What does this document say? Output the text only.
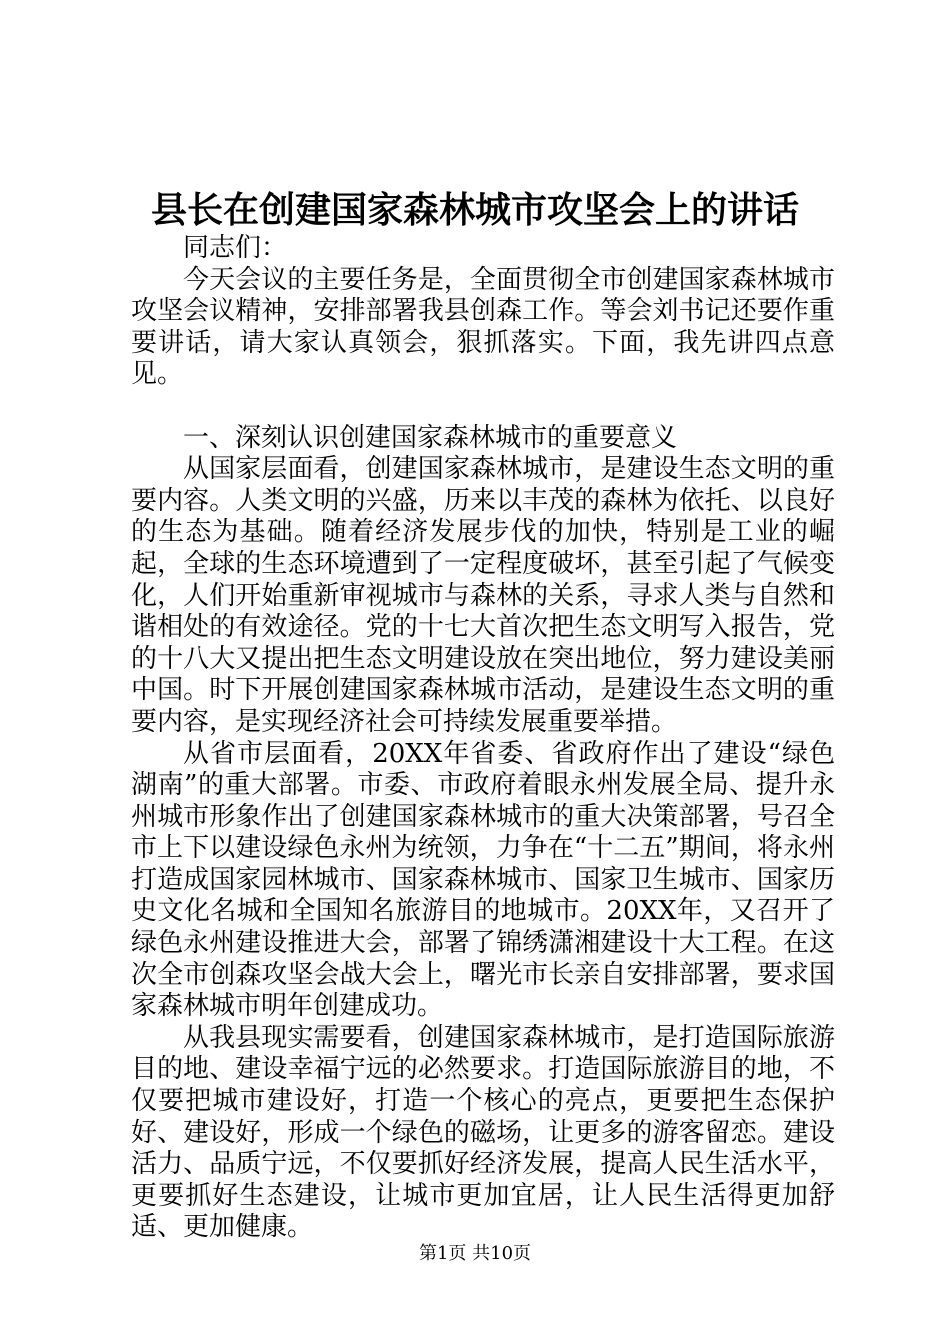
县长在创建国家森林城市攻坚会上的讲话

同志们：

今天会议的主要任务是，全面贯彻全市创建国家森林城市攻坚会议精神，安排部署我县创森工作。等会刘书记还要作重要讲话，请大家认真领会，狠抓落实。下面，我先讲四点意见。

一、深刻认识创建国家森林城市的重要意义

从国家层面看，创建国家森林城市，是建设生态文明的重要内容。人类文明的兴盛，历来以丰茂的森林为依托、以良好的生态为基础。随着经济发展步伐的加快，特别是工业的崛起，全球的生态环境遭到了一定程度破坏，甚至引起了气候变化，人们开始重新审视城市与森林的关系，寻求人类与自然和谐相处的有效途径。党的十七大首次把生态文明写入报告，党的十八大又提出把生态文明建设放在突出地位，努力建设美丽中国。时下开展创建国家森林城市活动，是建设生态文明的重要内容，是实现经济社会可持续发展重要举措。

从省市层面看，20XX年省委、省政府作出了建设“绿色湖南”的重大部署。市委、市政府着眼永州发展全局、提升永州城市形象作出了创建国家森林城市的重大决策部署，号召全市上下以建设绿色永州为统领，力争在“十二五”期间，将永州打造成国家园林城市、国家森林城市、国家卫生城市、国家历史文化名城和全国知名旅游目的地城市。20XX年，又召开了绿色永州建设推进大会，部署了锦绣潇湘建设十大工程。在这次全市创森攻坚会战大会上，曙光市长亲自安排部署，要求国家森林城市明年创建成功。

从我县现实需要看，创建国家森林城市，是打造国际旅游目的地、建设幸福宁远的必然要求。打造国际旅游目的地，不仅要把城市建设好，打造一个核心的亮点，更要把生态保护好、建设好，形成一个绿色的磁场，让更多的游客留恋。建设活力、品质宁远，不仅要抓好经济发展，提高人民生活水平，更要抓好生态建设，让城市更加宜居，让人民生活得更加舒适、更加健康。

第1页 共10页
